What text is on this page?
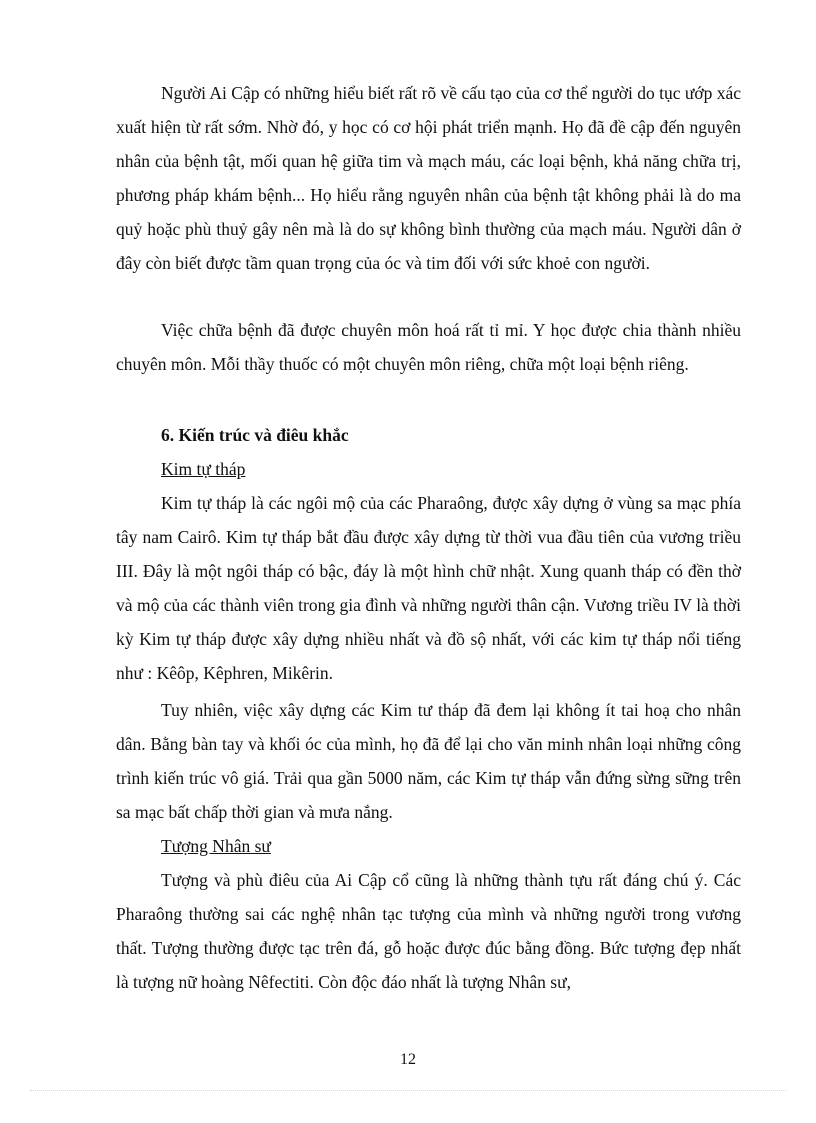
Người Ai Cập có những hiểu biết rất rõ về cấu tạo của cơ thể người do tục ướp xác xuất hiện từ rất sớm. Nhờ đó, y học có cơ hội phát triển mạnh. Họ đã đề cập đến nguyên nhân của bệnh tật, mối quan hệ giữa tim và mạch máu, các loại bệnh, khả năng chữa trị, phương pháp khám bệnh... Họ hiểu rằng nguyên nhân của bệnh tật không phải là do ma quỷ hoặc phù thuỷ gây nên mà là do sự không bình thường của mạch máu. Người dân ở đây còn biết được tầm quan trọng của óc và tim đối với sức khoẻ con người.

Việc chữa bệnh đã được chuyên môn hoá rất tỉ mỉ. Y học được chia thành nhiều chuyên môn. Mỗi thầy thuốc có một chuyên môn riêng, chữa một loại bệnh riêng.

6. Kiến trúc và điêu khắc

Kim tự tháp

Kim tự tháp là các ngôi mộ của các Pharaông, được xây dựng ở vùng sa mạc phía tây nam Cairô. Kim tự tháp bắt đầu được xây dựng từ thời vua đầu tiên của vương triều III. Đây là một ngôi tháp có bậc, đáy là một hình chữ nhật. Xung quanh tháp có đền thờ và mộ của các thành viên trong gia đình và những người thân cận. Vương triều IV là thời kỳ Kim tự tháp được xây dựng nhiều nhất và đồ sộ nhất, với các kim tự tháp nổi tiếng như : Kêôp, Kêphren, Mikêrin.

Tuy nhiên, việc xây dựng các Kim tư tháp đã đem lại không ít tai hoạ cho nhân dân. Bằng bàn tay và khối óc của mình, họ đã để lại cho văn minh nhân loại những công trình kiến trúc vô giá. Trải qua gần 5000 năm, các Kim tự tháp vẫn đứng sừng sững trên sa mạc bất chấp thời gian và mưa nắng.

Tượng Nhân sư

Tượng và phù điêu của Ai Cập cổ cũng là những thành tựu rất đáng chú ý. Các Pharaông thường sai các nghệ nhân tạc tượng của mình và những người trong vương thất. Tượng thường được tạc trên đá, gỗ hoặc được đúc bằng đồng. Bức tượng đẹp nhất là tượng nữ hoàng Nêfectiti. Còn độc đáo nhất là tượng Nhân sư,

12
